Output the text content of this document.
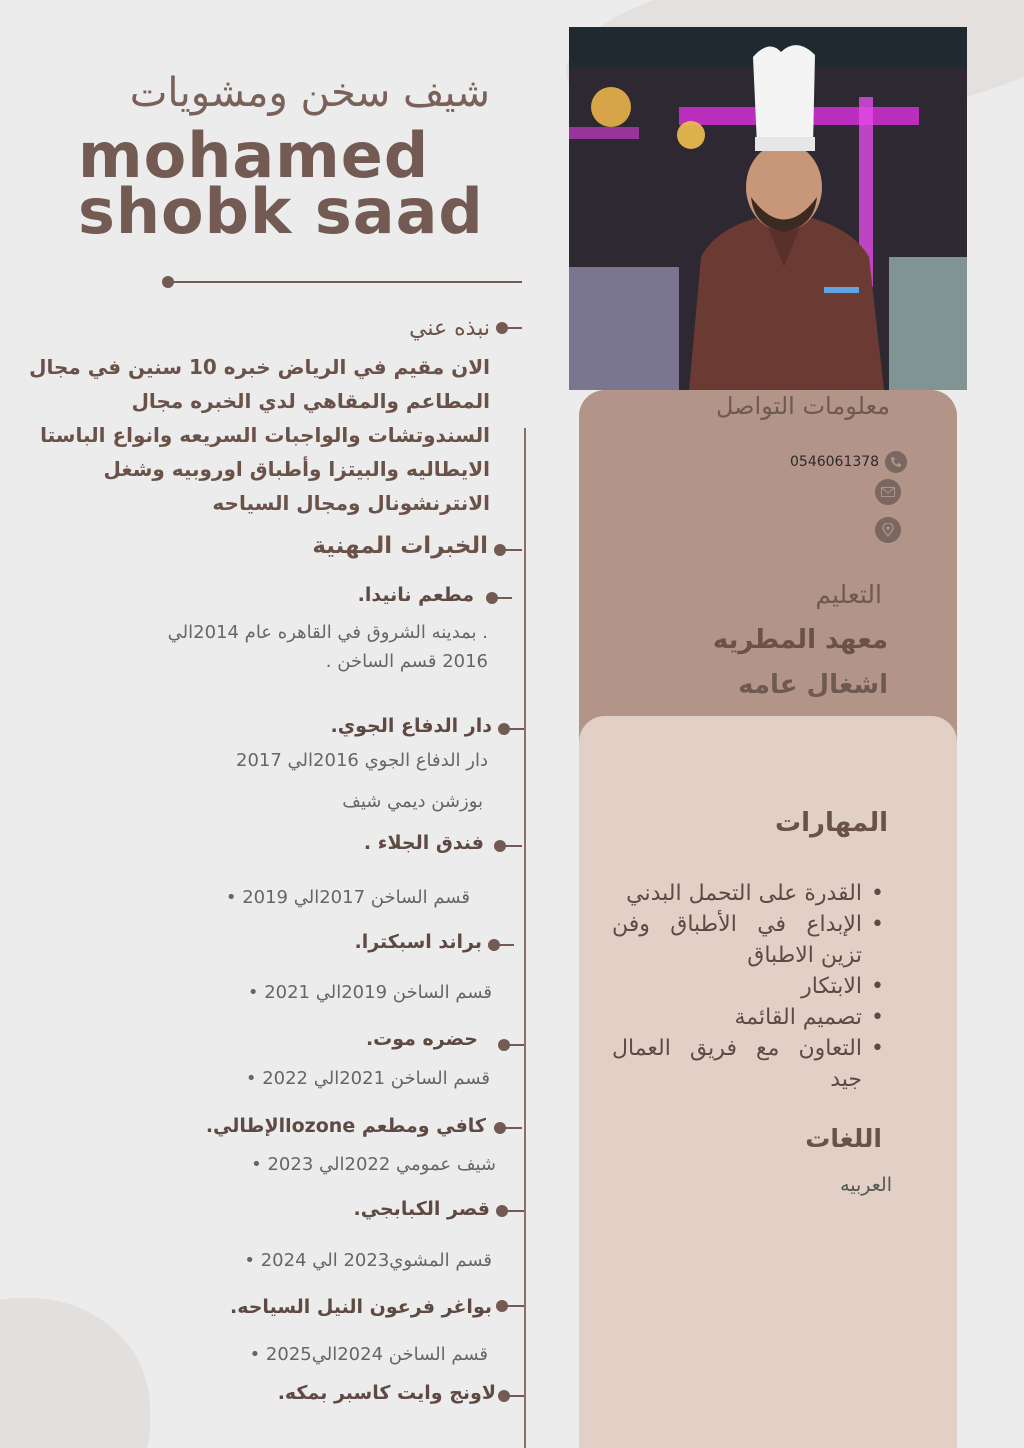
شيف سخن ومشويات
mohamed
shobk saad
نبذه عني
الان مقيم في الرياض خبره 10 سنين في مجال المطاعم والمقاهي لدي الخبره مجال السندوتشات والواجبات السريعه وانواع الباستا الايطاليه والبيتزا وأطباق اوروبيه وشغل الانترنشونال ومجال السياحه
الخبرات المهنية
مطعم نانيدا.
. بمدينه الشروق في القاهره عام 2014الي
2016 قسم الساخن .
دار الدفاع الجوي.
دار الدفاع الجوي 2016الي 2017
بوزشن ديمي شيف
فندق الجلاء .
قسم الساخن 2017الي 2019 •
براند اسبكترا.
قسم الساخن 2019الي 2021 •
حضره موت.
قسم الساخن 2021الي 2022 •
كافي ومطعم lozoneالإطالي.
شيف عمومي 2022الي 2023 •
قصر الكبابجي.
قسم المشوي2023 الي 2024 •
بواغر فرعون النيل السياحه.
قسم الساخن 2024الي2025 •
لاونج وايت كاسبر بمكه.
معلومات التواصل
0546061378
التعليم
معهد المطريه
اشغال عامه
المهارات
• القدرة على التحمل البدني
• الإبداع في الأطباق وفن تزين الاطباق
• الابتكار
• تصميم القائمة
• التعاون مع فريق العمال جيد
اللغات
العربيه
